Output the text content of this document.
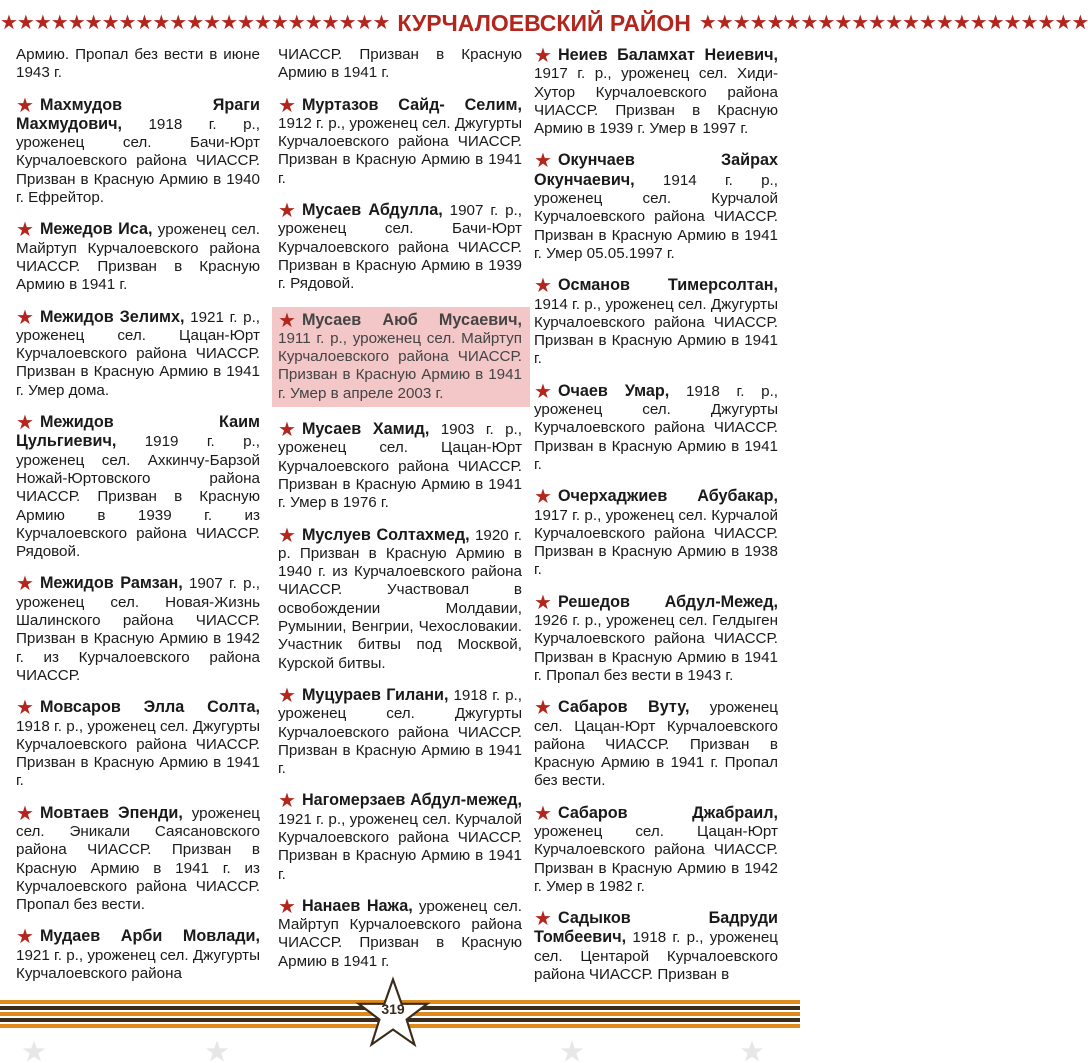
★★★★★★★★★★★★★★★★★★★★★★★ КУРЧАЛОЕВСКИЙ РАЙОН ★★★★★★★★★★★★★★★★★★★★★★★

Армию. Пропал без вести в июне 1943 г.

★ Махмудов Яраги Махмудович, 1918 г. р., уроженец сел. Бачи-Юрт Курчалоевского района ЧИАССР. Призван в Красную Армию в 1940 г. Ефрейтор.

★ Межедов Иса, уроженец сел. Майртуп Курчалоевского района ЧИАССР. Призван в Красную Армию в 1941 г.

★ Межидов Зелимх, 1921 г. р., уроженец сел. Цацан-Юрт Курчалоевского района ЧИАССР. Призван в Красную Армию в 1941 г. Умер дома.

★ Межидов Каим Цульгиевич, 1919 г. р., уроженец сел. Ахкинчу-Барзой Ножай-Юртовского района ЧИАССР. Призван в Красную Армию в 1939 г. из Курчалоевского района ЧИАССР. Рядовой.

★ Межидов Рамзан, 1907 г. р., уроженец сел. Новая-Жизнь Шалинского района ЧИАССР. Призван в Красную Армию в 1942 г. из Курчалоевского района ЧИАССР.

★ Мовсаров Элла Солта, 1918 г. р., уроженец сел. Джугурты Курчалоевского района ЧИАССР. Призван в Красную Армию в 1941 г.

★ Мовтаев Эпенди, уроженец сел. Эникали Саясановского района ЧИАССР. Призван в Красную Армию в 1941 г. из Курчалоевского района ЧИАССР. Пропал без вести.

★ Мудаев Арби Мовлади, 1921 г. р., уроженец сел. Джугурты Курчалоевского района

ЧИАССР. Призван в Красную Армию в 1941 г.

★ Муртазов Сайд- Селим, 1912 г. р., уроженец сел. Джугурты Курчалоевского района ЧИАССР. Призван в Красную Армию в 1941 г.

★ Мусаев Абдулла, 1907 г. р., уроженец сел. Бачи-Юрт Курчалоевского района ЧИАССР. Призван в Красную Армию в 1939 г. Рядовой.

★ Мусаев Аюб Мусаевич, 1911 г. р., уроженец сел. Майртуп Курчалоевского района ЧИАССР. Призван в Красную Армию в 1941 г. Умер в апреле 2003 г.

★ Мусаев Хамид, 1903 г. р., уроженец сел. Цацан-Юрт Курчалоевского района ЧИАССР. Призван в Красную Армию в 1941 г. Умер в 1976 г.

★ Муслуев Солтахмед, 1920 г. р. Призван в Красную Армию в 1940 г. из Курчалоевского района ЧИАССР. Участвовал в освобождении Молдавии, Румынии, Венгрии, Чехословакии. Участник битвы под Москвой, Курской битвы.

★ Муцураев Гилани, 1918 г. р., уроженец сел. Джугурты Курчалоевского района ЧИАССР. Призван в Красную Армию в 1941 г.

★ Нагомерзаев Абдул-межед, 1921 г. р., уроженец сел. Курчалой Курчалоевского района ЧИАССР. Призван в Красную Армию в 1941 г.

★ Нанаев Нажа, уроженец сел. Майртуп Курчалоевского района ЧИАССР. Призван в Красную Армию в 1941 г.

★ Неиев Баламхат Неиевич, 1917 г. р., уроженец сел. Хиди-Хутор Курчалоевского района ЧИАССР. Призван в Красную Армию в 1939 г. Умер в 1997 г.

★ Окунчаев Зайрах Окунчаевич, 1914 г. р., уроженец сел. Курчалой Курчалоевского района ЧИАССР. Призван в Красную Армию в 1941 г. Умер 05.05.1997 г.

★ Османов Тимерсолтан, 1914 г. р., уроженец сел. Джугурты Курчалоевского района ЧИАССР. Призван в Красную Армию в 1941 г.

★ Очаев Умар, 1918 г. р., уроженец сел. Джугурты Курчалоевского района ЧИАССР. Призван в Красную Армию в 1941 г.

★ Очерхаджиев Абубакар, 1917 г. р., уроженец сел. Курчалой Курчалоевского района ЧИАССР. Призван в Красную Армию в 1938 г.

★ Решедов Абдул-Межед, 1926 г. р., уроженец сел. Гелдыген Курчалоевского района ЧИАССР. Призван в Красную Армию в 1941 г. Пропал без вести в 1943 г.

★ Сабаров Вуту, уроженец сел. Цацан-Юрт Курчалоевского района ЧИАССР. Призван в Красную Армию в 1941 г. Пропал без вести.

★ Сабаров Джабраил, уроженец сел. Цацан-Юрт Курчалоевского района ЧИАССР. Призван в Красную Армию в 1942 г. Умер в 1982 г.

★ Садыков Бадруди Томбеевич, 1918 г. р., уроженец сел. Центарой Курчалоевского района ЧИАССР. Призван в

319
